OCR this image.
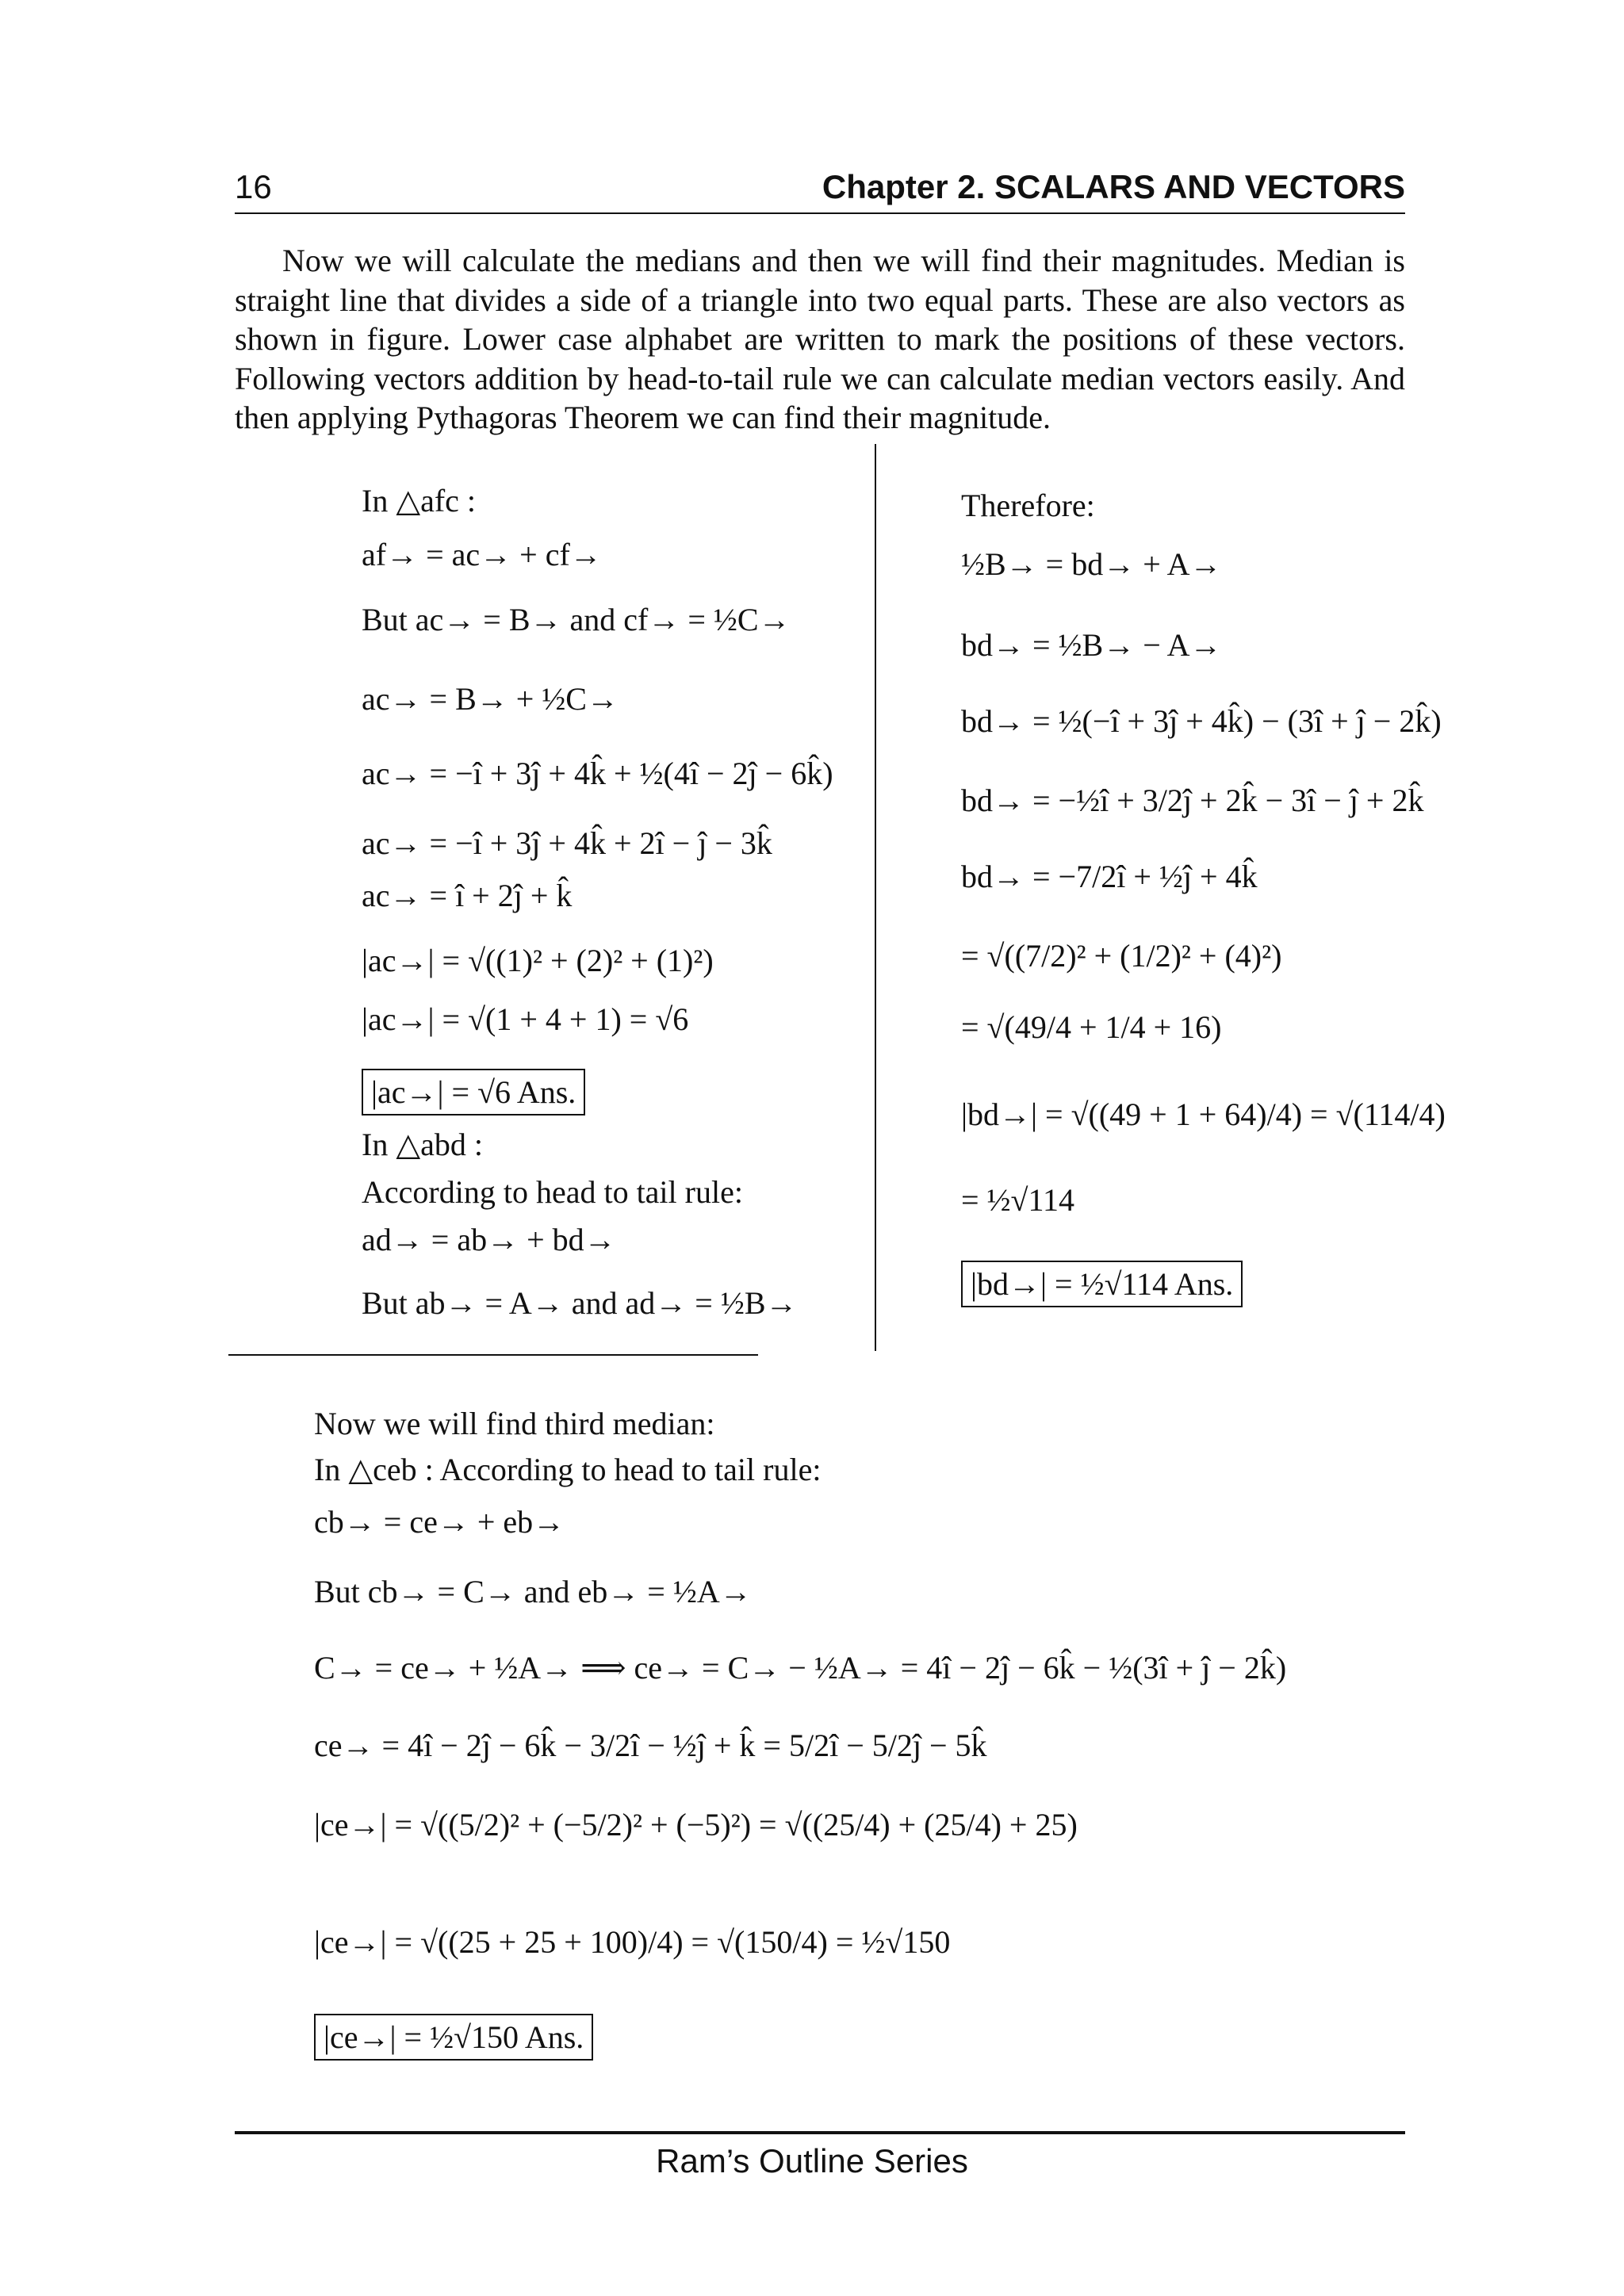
16	Chapter 2. SCALARS AND VECTORS
Now we will calculate the medians and then we will find their magnitudes. Median is straight line that divides a side of a triangle into two equal parts. These are also vectors as shown in figure. Lower case alphabet are written to mark the positions of these vectors. Following vectors addition by head-to-tail rule we can calculate median vectors easily. And then applying Pythagoras Theorem we can find their magnitude.
In △afc :
af→ = ac→ + cf→
But ac→ = B→ and cf→ = ½C→
ac→ = B→ + ½C→
ac→ = −î + 3ĵ + 4k̂ + ½(4î − 2ĵ − 6k̂)
ac→ = −î + 3ĵ + 4k̂ + 2î − ĵ − 3k̂
ac→ = î + 2ĵ + k̂
|ac→| = √((1)² + (2)² + (1)²)
|ac→| = √(1 + 4 + 1) = √6
|ac→| = √6 Ans.
In △abd :
According to head to tail rule:
ad→ = ab→ + bd→
But ab→ = A→ and ad→ = ½B→
Therefore:
½B→ = bd→ + A→
bd→ = ½B→ − A→
bd→ = ½(−î + 3ĵ + 4k̂) − (3î + ĵ − 2k̂)
bd→ = −½î + 3/2ĵ + 2k̂ − 3î − ĵ + 2k̂
bd→ = −7/2î + ½ĵ + 4k̂
= √((7/2)² + (1/2)² + (4)²)
= √(49/4 + 1/4 + 16)
|bd→| = √((49 + 1 + 64)/4) = √(114/4)
= ½√114
|bd→| = ½√114 Ans.
Now we will find third median:
In △ceb : According to head to tail rule:
cb→ = ce→ + eb→
But cb→ = C→ and eb→ = ½A→
C→ = ce→ + ½A→ ⟹ ce→ = C→ − ½A→ = 4î − 2ĵ − 6k̂ − ½(3î + ĵ − 2k̂)
ce→ = 4î − 2ĵ − 6k̂ − 3/2î − ½ĵ + k̂ = 5/2î − 5/2ĵ − 5k̂
|ce→| = √((5/2)² + (−5/2)² + (−5)²) = √((25/4) + (25/4) + 25)
|ce→| = √((25 + 25 + 100)/4) = √(150/4) = ½√150
|ce→| = ½√150 Ans.
Ram’s Outline Series
